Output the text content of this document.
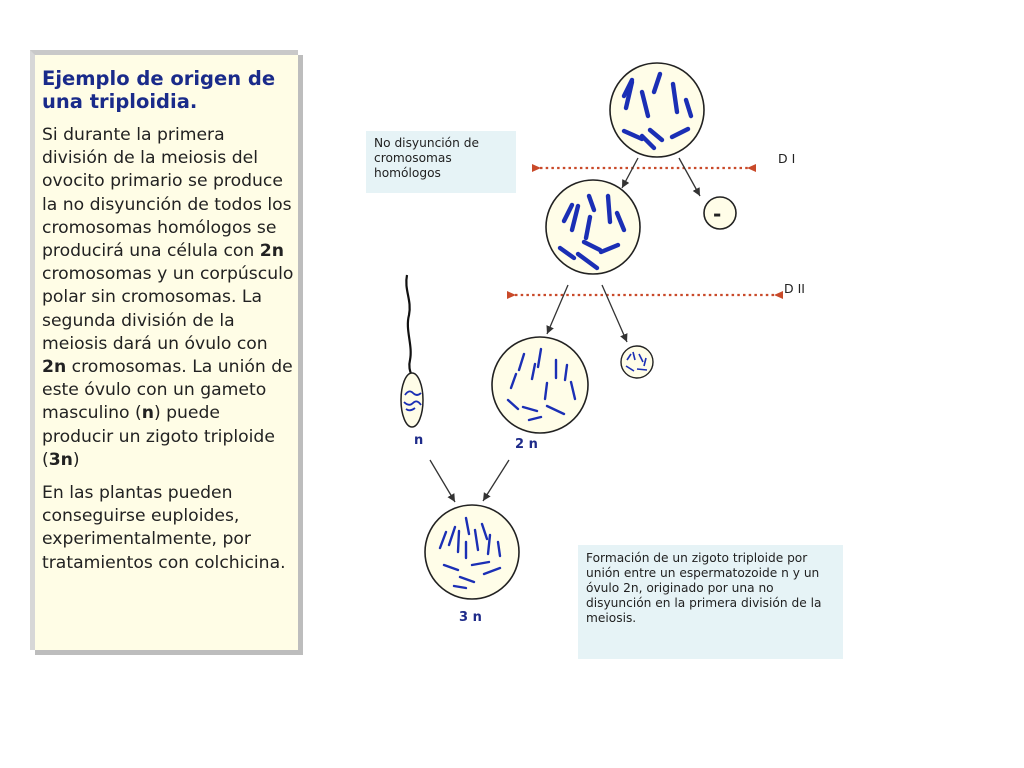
Ejemplo de origen de una triploidia.

Si durante la primera división de la meiosis del ovocito primario se produce la no disyunción de todos los cromosomas homólogos se producirá una célula con 2n cromosomas y un corpúsculo polar sin cromosomas. La segunda división de la meiosis dará un óvulo con 2n cromosomas. La unión de este óvulo con un gameto masculino (n) puede producir un zigoto triploide (3n)

En las plantas pueden conseguirse euploides, experimentalmente, por tratamientos con colchicina.

No disyunción de cromosomas homólogos
Formación de un zigoto triploide por unión entre un espermatozoide n y un óvulo 2n, originado por una no disyunción en la primera división de la meiosis.
D I
D II
-
n	2 n
3 n
